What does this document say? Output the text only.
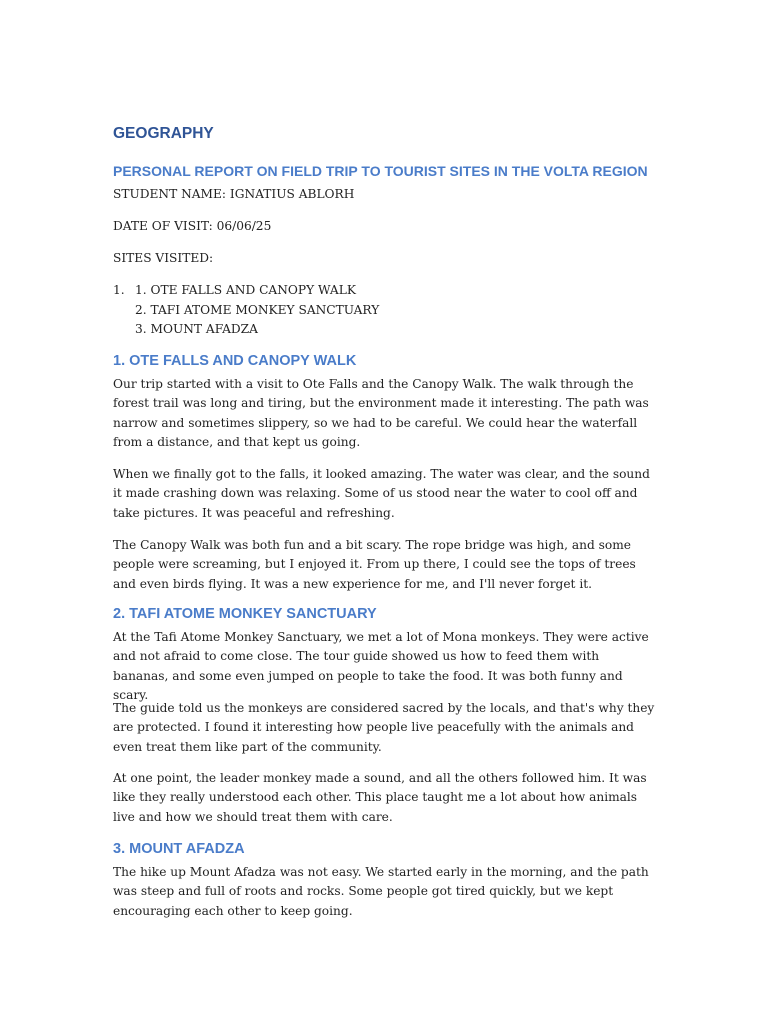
GEOGRAPHY
PERSONAL REPORT ON FIELD TRIP TO TOURIST SITES IN THE VOLTA REGION

STUDENT NAME: IGNATIUS ABLORH

DATE OF VISIT: 06/06/25

SITES VISITED:

1. 1. OTE FALLS AND CANOPY WALK
2. TAFI ATOME MONKEY SANCTUARY
3. MOUNT AFADZA
1. OTE FALLS AND CANOPY WALK

Our trip started with a visit to Ote Falls and the Canopy Walk. The walk through the forest trail was long and tiring, but the environment made it interesting. The path was narrow and sometimes slippery, so we had to be careful. We could hear the waterfall from a distance, and that kept us going.

When we finally got to the falls, it looked amazing. The water was clear, and the sound it made crashing down was relaxing. Some of us stood near the water to cool off and take pictures. It was peaceful and refreshing.

The Canopy Walk was both fun and a bit scary. The rope bridge was high, and some people were screaming, but I enjoyed it. From up there, I could see the tops of trees and even birds flying. It was a new experience for me, and I'll never forget it.

2. TAFI ATOME MONKEY SANCTUARY

At the Tafi Atome Monkey Sanctuary, we met a lot of Mona monkeys. They were active and not afraid to come close. The tour guide showed us how to feed them with bananas, and some even jumped on people to take the food. It was both funny and scary.

The guide told us the monkeys are considered sacred by the locals, and that's why they are protected. I found it interesting how people live peacefully with the animals and even treat them like part of the community.

At one point, the leader monkey made a sound, and all the others followed him. It was like they really understood each other. This place taught me a lot about how animals live and how we should treat them with care.

3. MOUNT AFADZA

The hike up Mount Afadza was not easy. We started early in the morning, and the path was steep and full of roots and rocks. Some people got tired quickly, but we kept encouraging each other to keep going.
